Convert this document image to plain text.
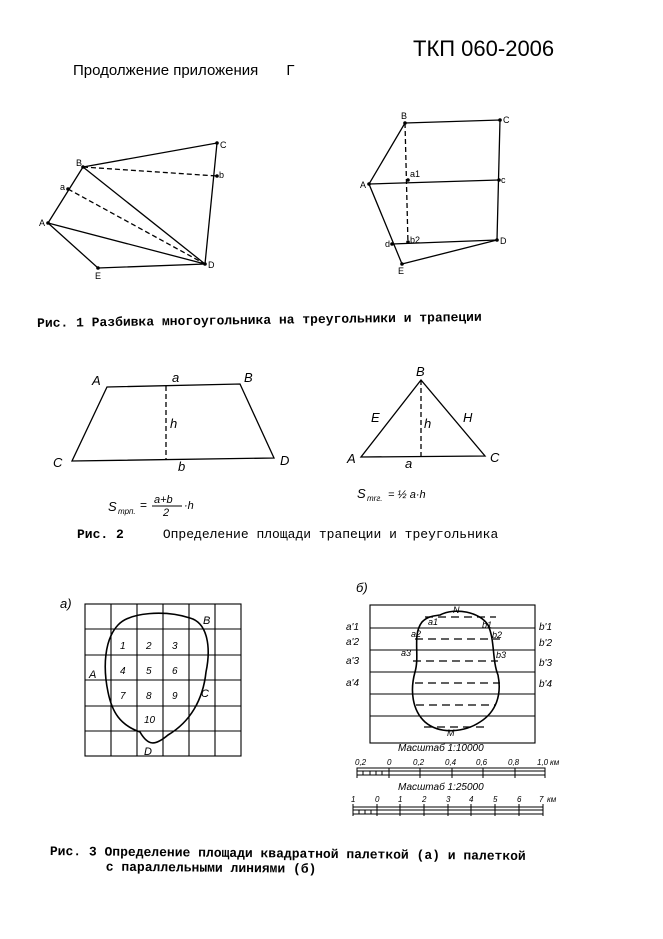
ТКП 060-2006
Продолжение приложения Г
B
C
a
b
A
E
D
B	C
A
a1
c
d b2
E
D
A	a	B
h
C	b	D
S трп. = a+b
2
·h
B
E	H
h
A	a	C
S тrг. = ½ a·h
а)
1 2 3
4 5 6
7 8 9
10
A
B
C
D
б)
N
M
a'1
a'2
a'3
a'4
b'1
b'2
b'3
b'4
a1
a2
a3
b1
b2
b3
Масштаб 1:10000
0,2	0	0,2	0,4 0,6	0,8 1,0 км
Масштаб 1:25000
1 0 1 2 3 4 5 6 7 км
Рис. 1 Разбивка многоугольника на треугольники и трапеции
Рис. 2	Определение площади трапеции и треугольника
Рис. 3 Определение площади квадратной палеткой (а) и палеткой
с параллельными линиями (б)
